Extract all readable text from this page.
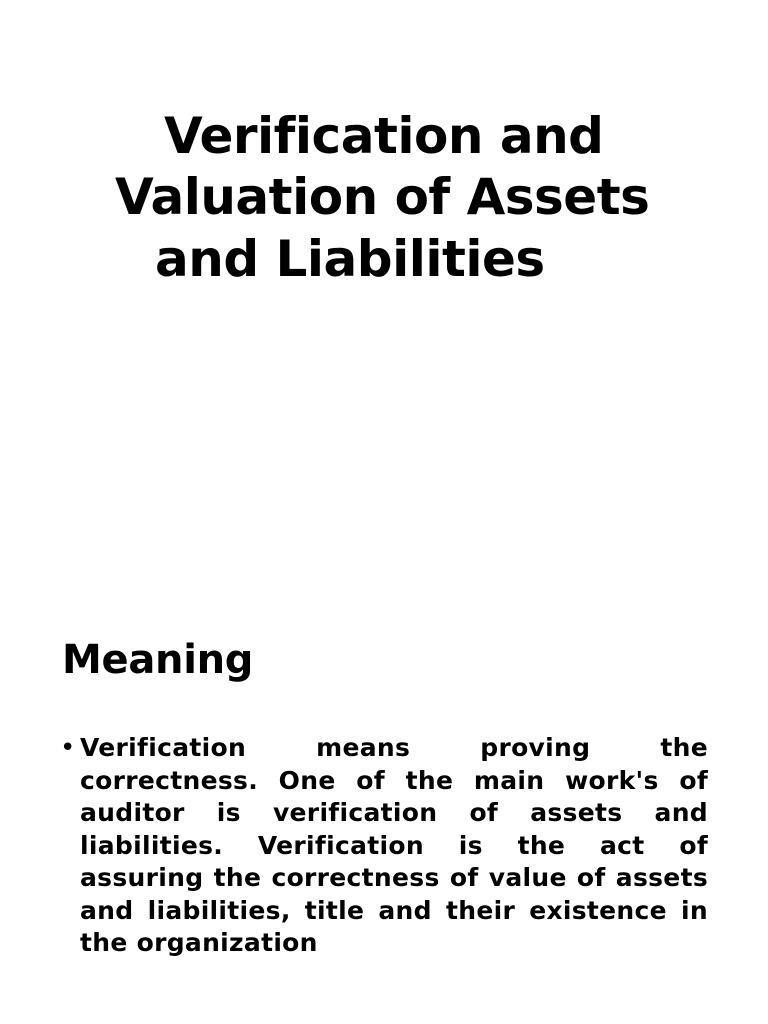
Verification and
Valuation of Assets
and Liabilities
Meaning
• Verification means proving the correctness. One of the main work's of auditor is verification of assets and liabilities. Verification is the act of assuring the correctness of value of assets and liabilities, title and their existence in the organization
